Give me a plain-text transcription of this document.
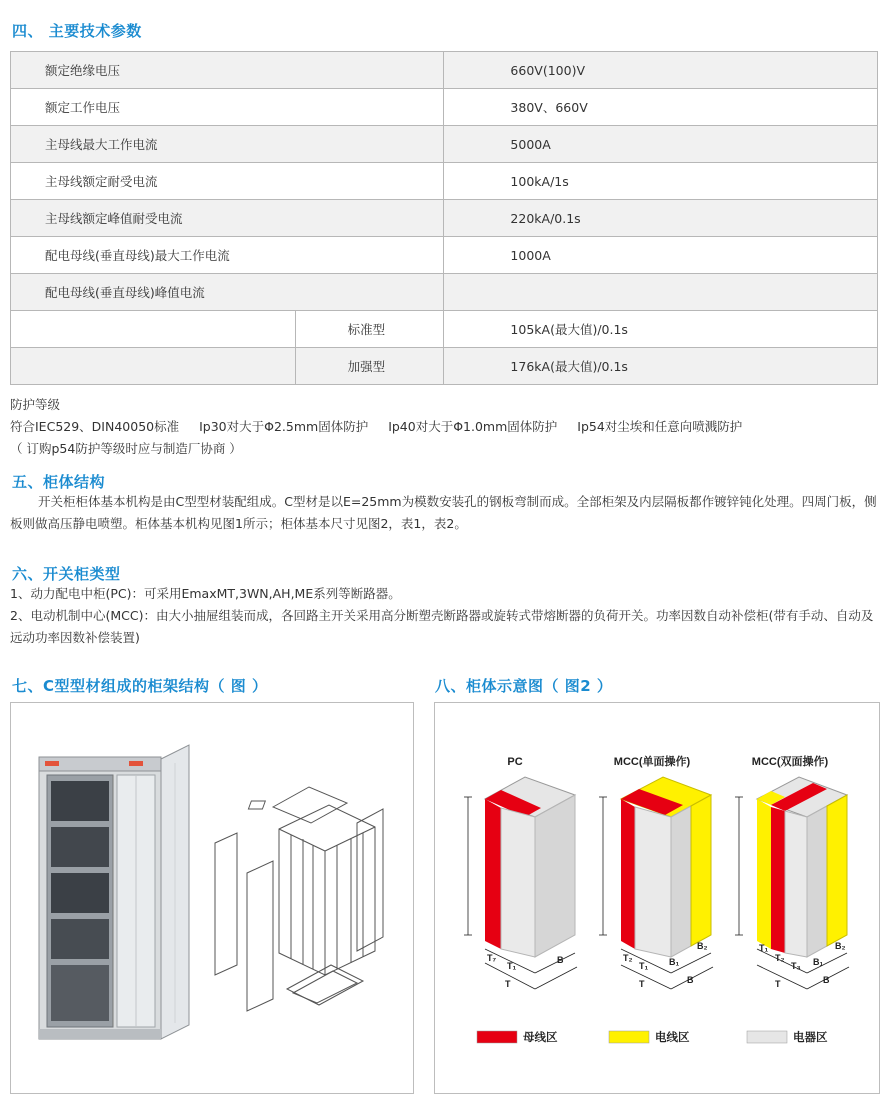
四、 主要技术参数
额定绝缘电压		660V(100)V
额定工作电压		380V、660V
主母线最大工作电流		5000A
主母线额定耐受电流		100kA/1s
主母线额定峰值耐受电流		220kA/0.1s
配电母线(垂直母线)最大工作电流		1000A
配电母线(垂直母线)峰值电流		
	标准型	105kA(最大值)/0.1s
	加强型	176kA(最大值)/0.1s
防护等级
符合IEC529、DIN40050标准 Ip30对大于Φ2.5mm固体防护 Ip40对大于Φ1.0mm固体防护 Ip54对尘埃和任意向喷溅防护
（ 订购p54防护等级时应与制造厂协商 ）
五、柜体结构
开关柜柜体基本机构是由C型型材装配组成。C型材是以E=25mm为模数安装孔的钢板弯制而成。全部柜架及内层隔板都作镀锌钝化处理。四周门板，侧板则做高压静电喷塑。柜体基本机构见图1所示；柜体基本尺寸见图2，表1，表2。
六、开关柜类型
1、动力配电中柜(PC)：可采用EmaxMT,3WN,AH,ME系列等断路器。
2、电动机制中心(MCC)：由大小抽屉组装而成，各回路主开关采用高分断塑壳断路器或旋转式带熔断器的负荷开关。功率因数自动补偿柜(带有手动、自动及远动功率因数补偿装置)
七、C型型材组成的柜架结构（ 图 ）	八、柜体示意图（ 图2 ）
PC	MCC(单面操作)	MCC(双面操作)
T₇
T₁
T
B	T₂
T₁ B₁
B₂
T	B
T₁
T₂
T₃ B₁
B₂
T	B
母线区	电线区	电器区
